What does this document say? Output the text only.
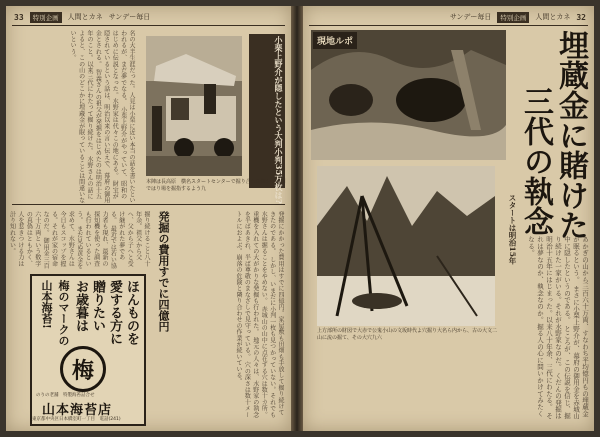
33	特別企画	人間とカネ サンデー毎日
名の大半生涯だった。人見は小栗に近い本当の話を書いたといわれるが、まだ夢でなる。 小栗上野介がやっていて、昭和のはじめに伝説となった。水野家は代々この地にある。 財宝が隠されているという話は、明治以来の言い伝えで、幕府の御用金とされる。 智義さんの祖父が発掘をはじめたのは明治十五年のこと。以来三代にわたって掘り続けた。 水野さんの話によると、この山のどこかに埋蔵金が眠っていることは間違いないという。	小栗上野介が隠したという大判小判35万枚は?
本陣は長高原　横名スタートセンターで掘り合わ坂鋼ショベ側ではり場を掘指するよう九
発掘の費用すでに四億円	発掘にかかった費用はすでに四億円。家屋敷も田畑も手放して掘り続けてきたのである。 しかし、いまだに小判一枚も見つかっていない。それでも水野さんは掘ることをやめない。 赤城山の山中に点在する穴は数十カ所。重機を入れての大がかりな発掘も行われた。 地元の人々は、水野家の執念を半ばあきれ、半ば尊敬のまなざしで見守っている。 穴の深さは数十メートルにおよぶ。崩落の危険と隣り合わせの作業が続いている。
掘り続けること八十年余。祖父から父へ、父から子へと受け継がれた夢である。 最近では若い協力者も現れ、最新の探知機を使った調査も行われているという。 まだ見ぬ黄金を求めて、水野さんは今日もスコップを握る。それが家の宿命なのだ。 御用金三百六十万両という数字の真偽はともかく、人を惹きつける力は計り知れない。
ほんものを
愛する方に
贈りたい
お歳暮は
梅のマークの
山本海苔!
梅
のりの老舗　特製海苔詰合せ
山本海苔店
東京都中央区日本橋室町一丁目　電話(241)
サンデー毎日	特別企画	人間とカネ 32
現地ルポ	埋蔵金に賭けた
三代の執念
スタートは明治15年
上方部所の財図で大赤で公鬼小山の文坂時代よ穴掘り大名ら内から、古の大文二山に流の掘て、その大穴九六	あかぎの山から三百六十万両、すなわち平均億円もの埋蔵金が眠るという。 まさに小栗上野介が、幕府の御用金を赤城山中に隠したというのである。 ところが、この伝説を信じ、掘り続けた一家がいる。それが水野家なのだ。 くだんの発掘は明治十五年にはじまった。以来八十年余、三代にわたる。 それは夢なのか、執念なのか。掘る人の心に問いかけてみたくなる。
